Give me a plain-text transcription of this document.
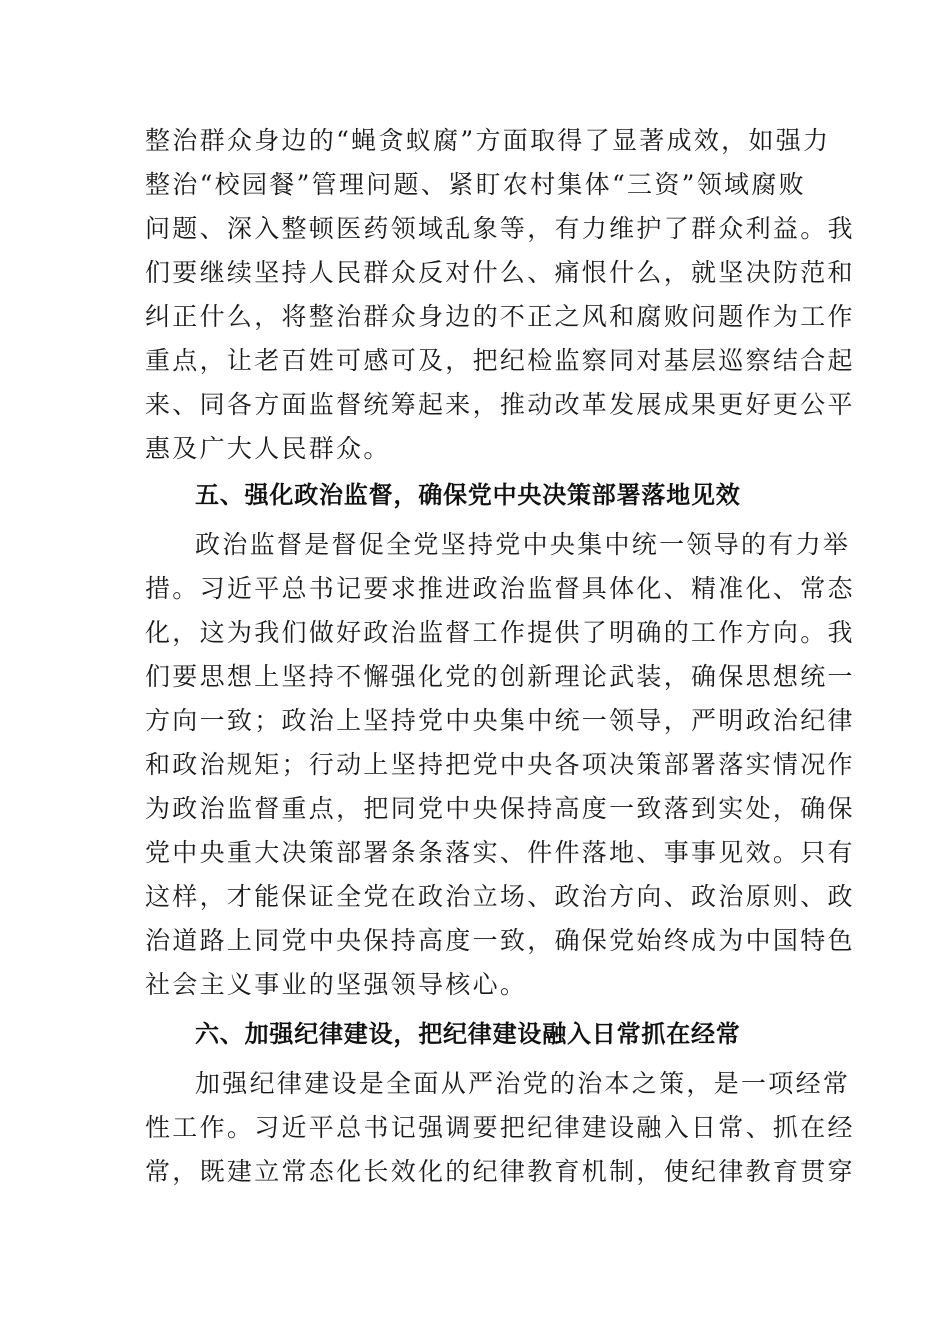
整治群众身边的“蝇贪蚁腐”方面取得了显著成效，如强力
整治“校园餐”管理问题、紧盯农村集体“三资”领域腐败
问题、深入整顿医药领域乱象等，有力维护了群众利益。我
们要继续坚持人民群众反对什么、痛恨什么，就坚决防范和
纠正什么，将整治群众身边的不正之风和腐败问题作为工作
重点，让老百姓可感可及，把纪检监察同对基层巡察结合起
来、同各方面监督统筹起来，推动改革发展成果更好更公平
惠及广大人民群众。
五、强化政治监督，确保党中央决策部署落地见效
政治监督是督促全党坚持党中央集中统一领导的有力举
措。习近平总书记要求推进政治监督具体化、精准化、常态
化，这为我们做好政治监督工作提供了明确的工作方向。我
们要思想上坚持不懈强化党的创新理论武装，确保思想统一
方向一致；政治上坚持党中央集中统一领导，严明政治纪律
和政治规矩；行动上坚持把党中央各项决策部署落实情况作
为政治监督重点，把同党中央保持高度一致落到实处，确保
党中央重大决策部署条条落实、件件落地、事事见效。只有
这样，才能保证全党在政治立场、政治方向、政治原则、政
治道路上同党中央保持高度一致，确保党始终成为中国特色
社会主义事业的坚强领导核心。
六、加强纪律建设，把纪律建设融入日常抓在经常
加强纪律建设是全面从严治党的治本之策，是一项经常
性工作。习近平总书记强调要把纪律建设融入日常、抓在经
常，既建立常态化长效化的纪律教育机制，使纪律教育贯穿
